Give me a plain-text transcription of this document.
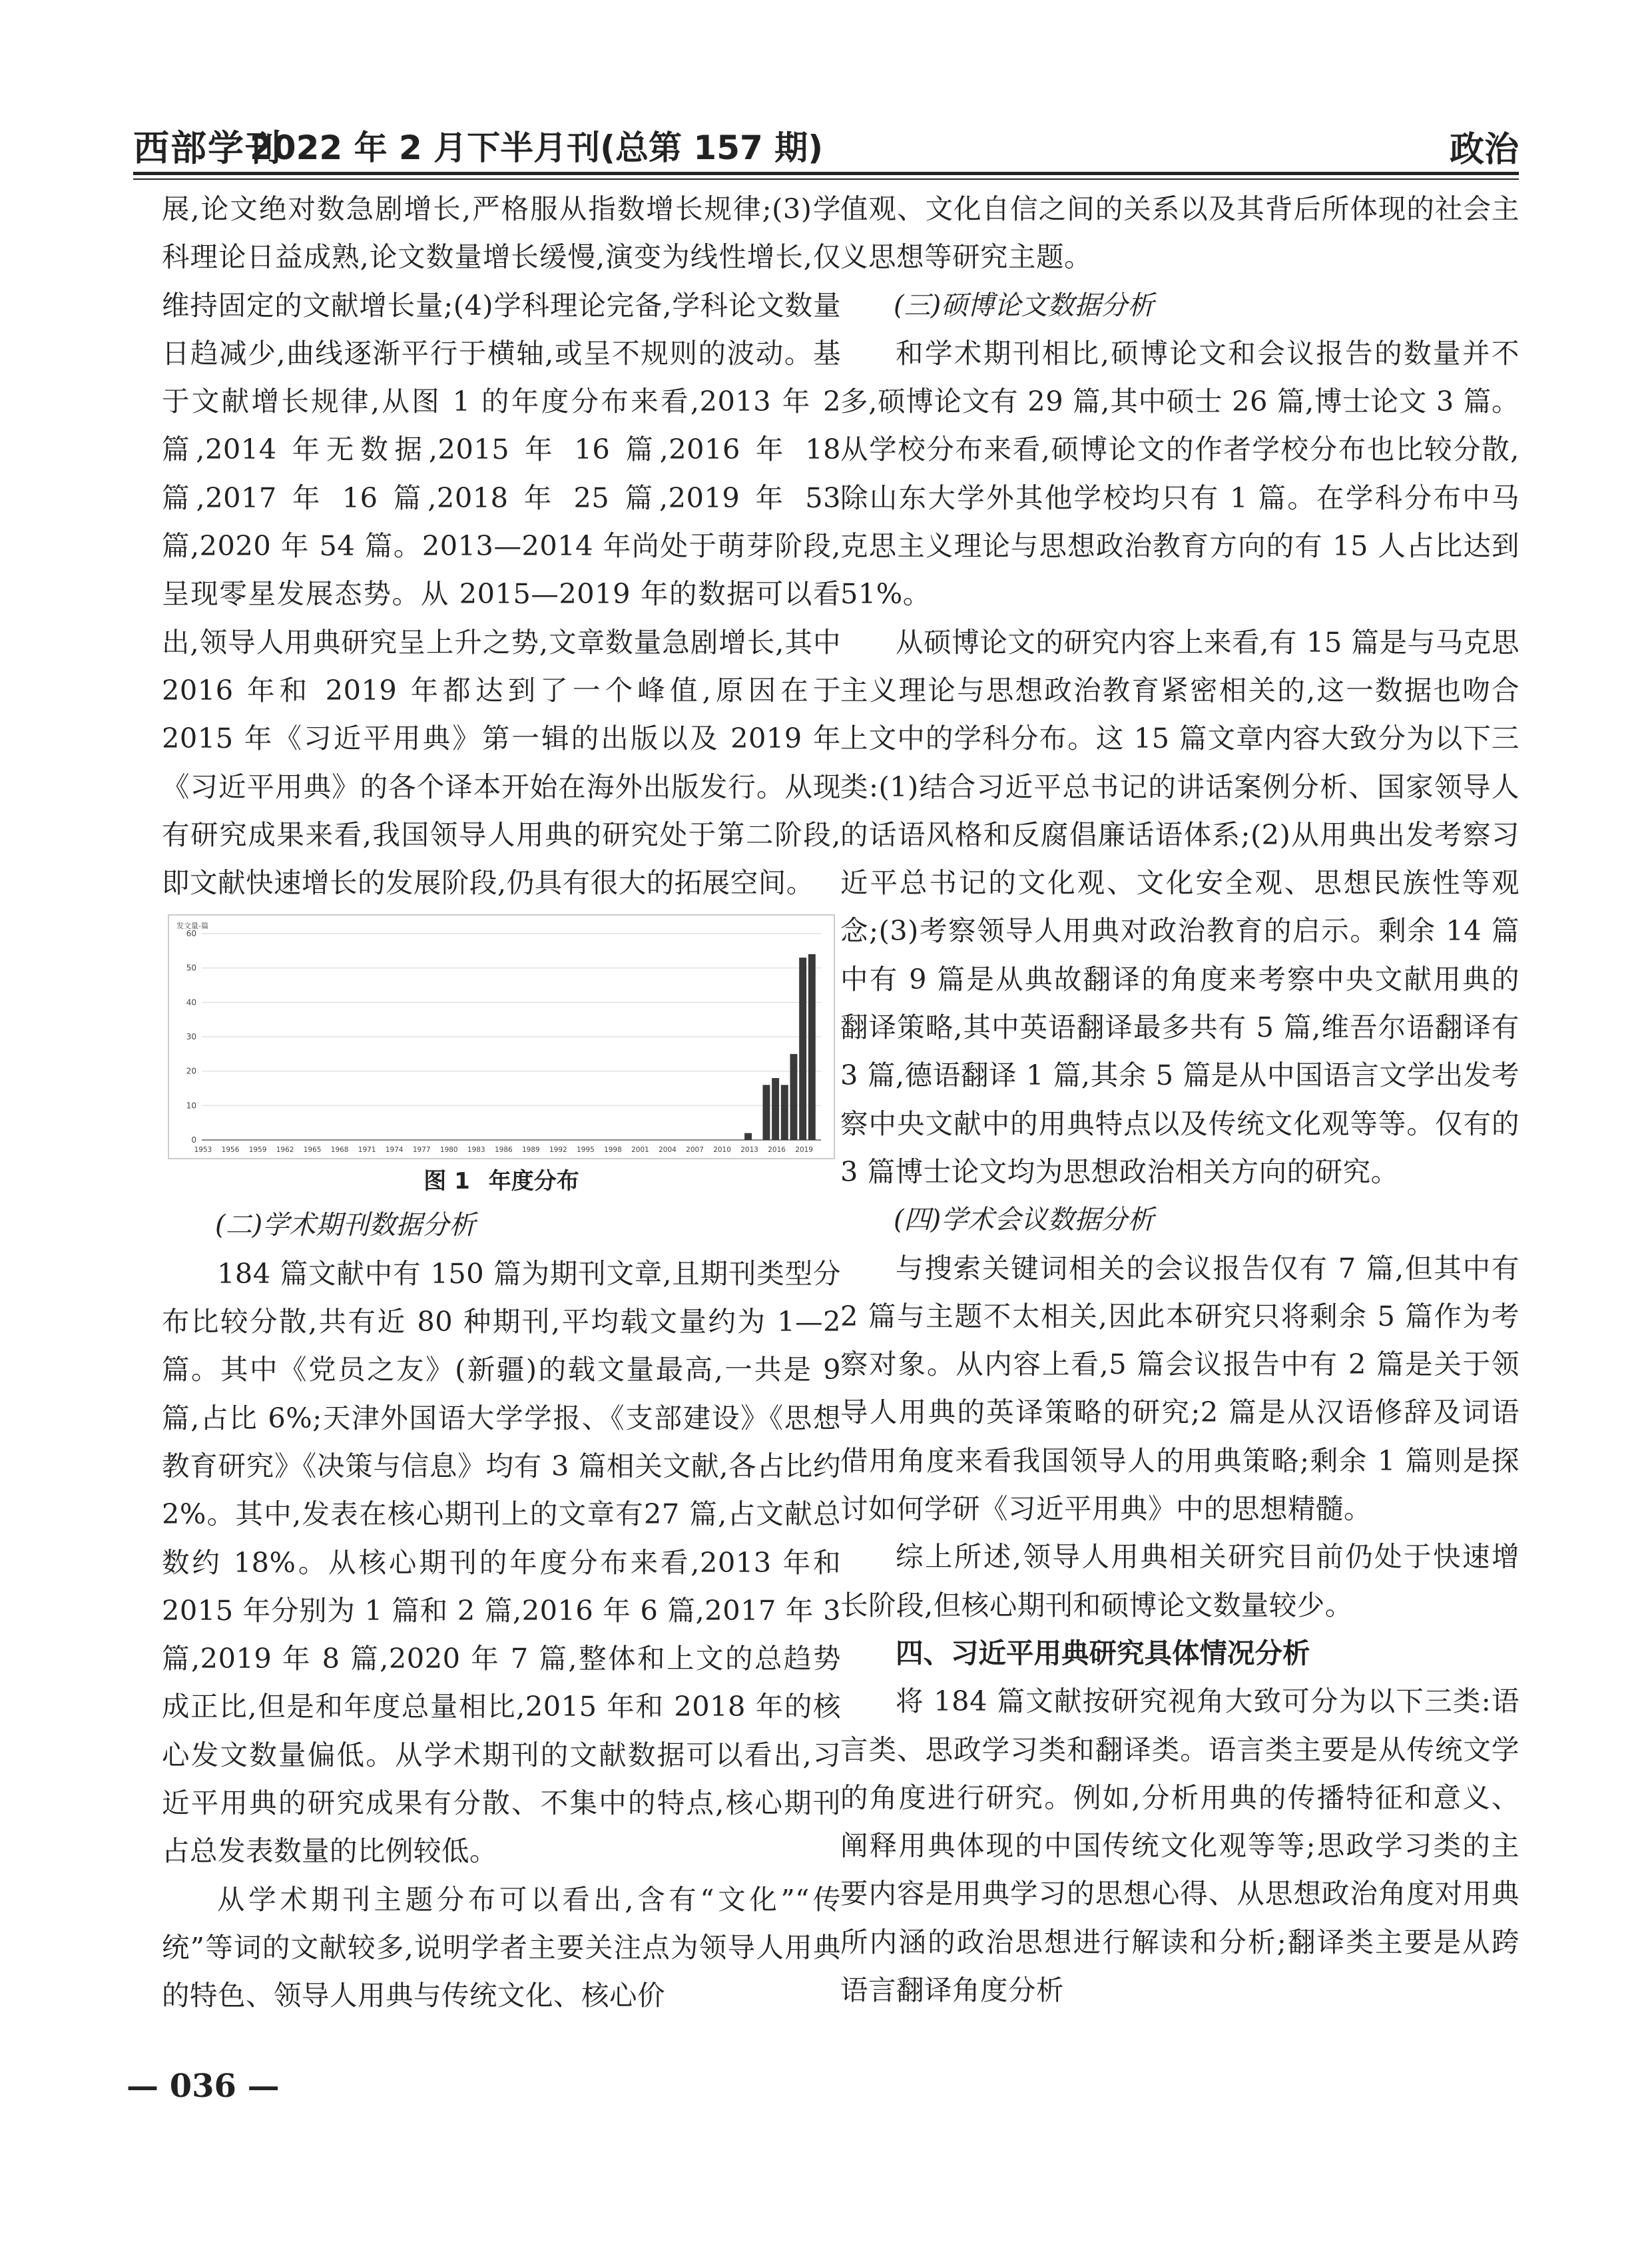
西部学刊
2022 年 2 月下半月刊(总第 157 期)	政治

展,论文绝对数急剧增长,严格服从指数增长规律;(3)学科理论日益成熟,论文数量增长缓慢,演变为线性增长,仅维持固定的文献增长量;(4)学科理论完备,学科论文数量日趋减少,曲线逐渐平行于横轴,或呈不规则的波动。基于文献增长规律,从图 1 的年度分布来看,2013 年 2 篇,2014 年无数据,2015 年 16 篇,2016 年 18 篇,2017 年 16 篇,2018 年 25 篇,2019 年 53 篇,2020 年 54 篇。2013—2014 年尚处于萌芽阶段,呈现零星发展态势。从 2015—2019 年的数据可以看出,领导人用典研究呈上升之势,文章数量急剧增长,其中 2016 年和 2019 年都达到了一个峰值,原因在于 2015 年《习近平用典》第一辑的出版以及 2019 年《习近平用典》的各个译本开始在海外出版发行。从现有研究成果来看,我国领导人用典的研究处于第二阶段,即文献快速增长的发展阶段,仍具有很大的拓展空间。

发文量-篇
0
10
20
30
40
50
60
1953 1956 1959 1962 1965 1968 1971 1974 1977 1980 1983 1986 1989 1992 1995 1998 2001 2004 2007 2010 2013 2016 2019
图 1 年度分布

(二)学术期刊数据分析

184 篇文献中有 150 篇为期刊文章,且期刊类型分布比较分散,共有近 80 种期刊,平均载文量约为 1—2 篇。其中《党员之友》(新疆)的载文量最高,一共是 9 篇,占比 6%;天津外国语大学学报、《支部建设》《思想教育研究》《决策与信息》均有 3 篇相关文献,各占比约 2%。其中,发表在核心期刊上的文章有27 篇,占文献总数约 18%。从核心期刊的年度分布来看,2013 年和 2015 年分别为 1 篇和 2 篇,2016 年 6 篇,2017 年 3 篇,2019 年 8 篇,2020 年 7 篇,整体和上文的总趋势成正比,但是和年度总量相比,2015 年和 2018 年的核心发文数量偏低。从学术期刊的文献数据可以看出,习近平用典的研究成果有分散、不集中的特点,核心期刊占总发表数量的比例较低。

从学术期刊主题分布可以看出,含有“文化”“传统”等词的文献较多,说明学者主要关注点为领导人用典的特色、领导人用典与传统文化、核心价

值观、文化自信之间的关系以及其背后所体现的社会主义思想等研究主题。

(三)硕博论文数据分析

和学术期刊相比,硕博论文和会议报告的数量并不多,硕博论文有 29 篇,其中硕士 26 篇,博士论文 3 篇。从学校分布来看,硕博论文的作者学校分布也比较分散,除山东大学外其他学校均只有 1 篇。在学科分布中马克思主义理论与思想政治教育方向的有 15 人占比达到 51%。

从硕博论文的研究内容上来看,有 15 篇是与马克思主义理论与思想政治教育紧密相关的,这一数据也吻合上文中的学科分布。这 15 篇文章内容大致分为以下三类:(1)结合习近平总书记的讲话案例分析、国家领导人的话语风格和反腐倡廉话语体系;(2)从用典出发考察习近平总书记的文化观、文化安全观、思想民族性等观念;(3)考察领导人用典对政治教育的启示。剩余 14 篇中有 9 篇是从典故翻译的角度来考察中央文献用典的翻译策略,其中英语翻译最多共有 5 篇,维吾尔语翻译有 3 篇,德语翻译 1 篇,其余 5 篇是从中国语言文学出发考察中央文献中的用典特点以及传统文化观等等。仅有的 3 篇博士论文均为思想政治相关方向的研究。

(四)学术会议数据分析

与搜索关键词相关的会议报告仅有 7 篇,但其中有 2 篇与主题不太相关,因此本研究只将剩余 5 篇作为考察对象。从内容上看,5 篇会议报告中有 2 篇是关于领导人用典的英译策略的研究;2 篇是从汉语修辞及词语借用角度来看我国领导人的用典策略;剩余 1 篇则是探讨如何学研《习近平用典》中的思想精髓。

综上所述,领导人用典相关研究目前仍处于快速增长阶段,但核心期刊和硕博论文数量较少。

四、习近平用典研究具体情况分析

将 184 篇文献按研究视角大致可分为以下三类:语言类、思政学习类和翻译类。语言类主要是从传统文学的角度进行研究。例如,分析用典的传播特征和意义、阐释用典体现的中国传统文化观等等;思政学习类的主要内容是用典学习的思想心得、从思想政治角度对用典所内涵的政治思想进行解读和分析;翻译类主要是从跨语言翻译角度分析

— 036 —
